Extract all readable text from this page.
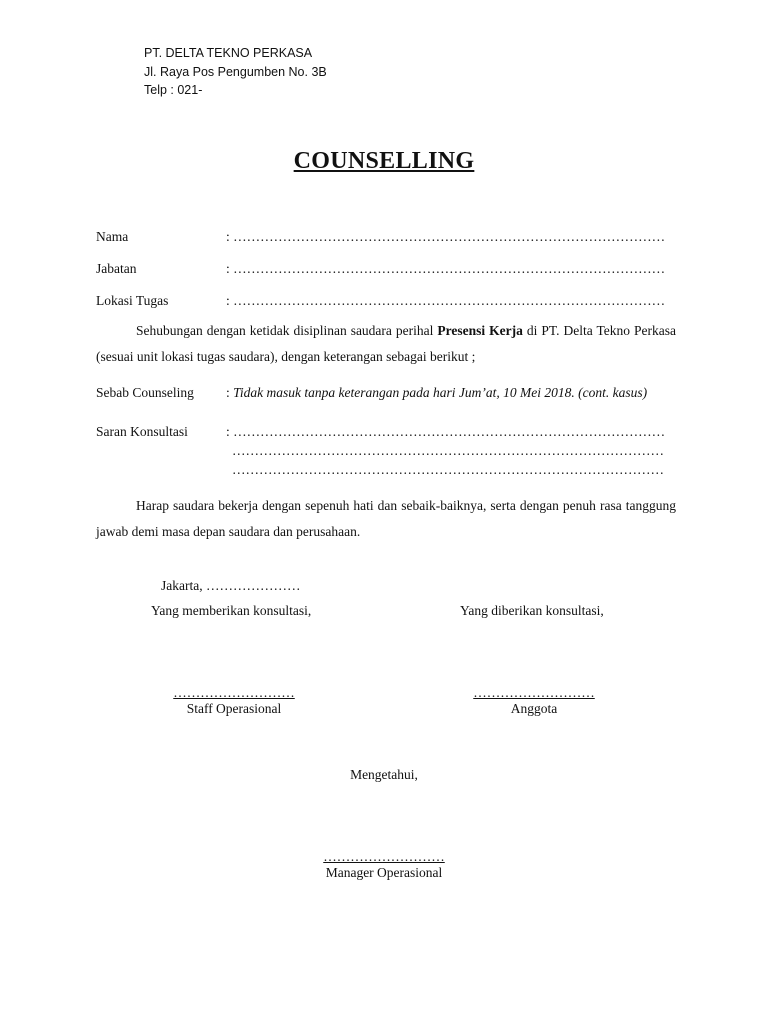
PT. DELTA TEKNO PERKASA
Jl. Raya Pos Pengumben No. 3B
Telp : 021-
COUNSELLING
Nama	: ……………………………………………………………………………………
Jabatan	: ……………………………………………………………………………………
Lokasi Tugas	: ……………………………………………………………………………………
Sehubungan dengan ketidak disiplinan saudara perihal Presensi Kerja di PT. Delta Tekno Perkasa (sesuai unit lokasi tugas saudara), dengan keterangan sebagai berikut ;
Sebab Counseling : Tidak masuk tanpa keterangan pada hari Jum’at, 10 Mei 2018. (cont. kasus)
Saran Konsultasi	: ……………………………………………………………………………………
……………………………………………………………………………………
……………………………………………………………………………………
Harap saudara bekerja dengan sepenuh hati dan sebaik-baiknya, serta dengan penuh rasa tanggung jawab demi masa depan saudara dan perusahaan.
Jakarta, …………………
Yang memberikan konsultasi,	Yang diberikan konsultasi,
………………………
Staff Operasional
………………………
Anggota
Mengetahui,
………………………
Manager Operasional
